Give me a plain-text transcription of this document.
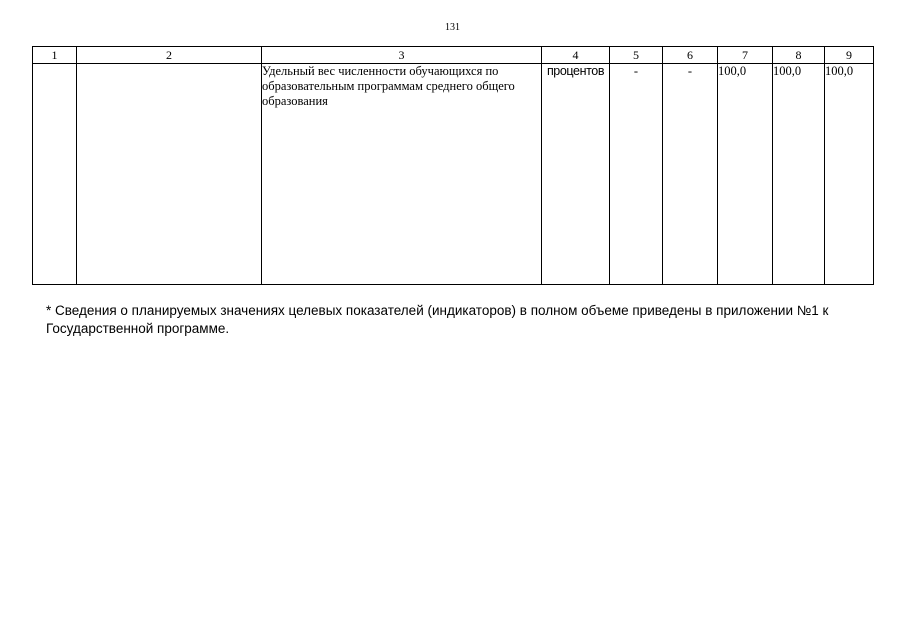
131
1	2	3	4	5	6	7	8	9
		Удельный вес численности обучающихся по образовательным программам среднего общего образования	процентов	-	-	100,0	100,0	100,0
* Сведения о планируемых значениях целевых показателей (индикаторов) в полном объеме приведены в приложении №1 к Государственной программе.
